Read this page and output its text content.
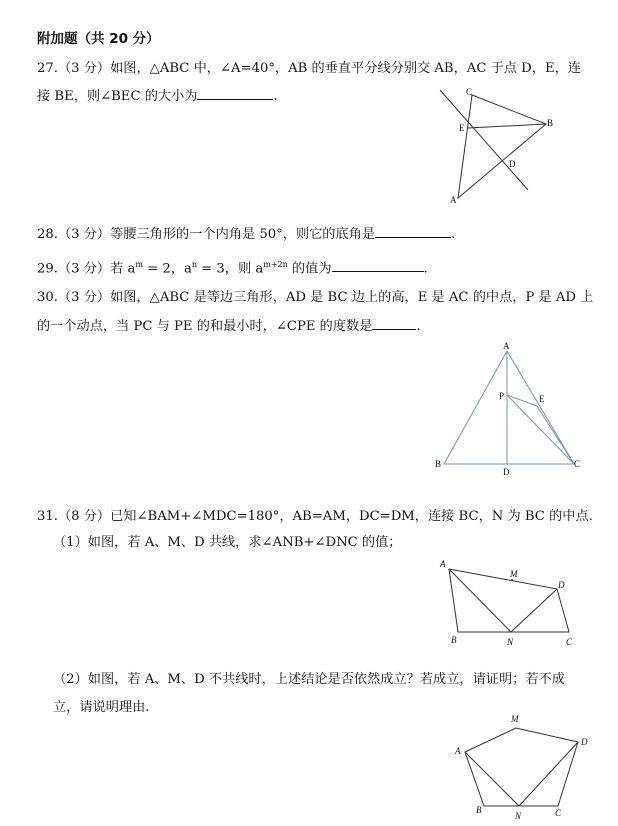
附加题（共 20 分）
27.（3 分）如图，△ABC 中，∠A=40°，AB 的垂直平分线分别交 AB，AC 于点 D，E，连
接 BE，则∠BEC 的大小为	.	C
B
E
D
A
A
P	E
B
D
C
A
M
D
B	N	C
A
M
D
B
N	C
28.（3 分）等腰三角形的一个内角是 50°，则它的底角是	.
29.（3 分）若 $a^m = 2$，$a^n = 3$，则 $a^{m+2n}$ 的值为	.
30.（3 分）如图，△ABC 是等边三角形，AD 是 BC 边上的高，E 是 AC 的中点，P 是 AD 上
的一个动点，当 PC 与 PE 的和最小时，∠CPE 的度数是	.
31.（8 分）已知∠BAM+∠MDC=180°，AB=AM，DC=DM，连接 BC，N 为 BC 的中点.
（1）如图，若 A、M、D 共线，求∠ANB+∠DNC 的值；
（2）如图，若 A、M、D 不共线时，上述结论是否依然成立？若成立，请证明；若不成
立，请说明理由.
